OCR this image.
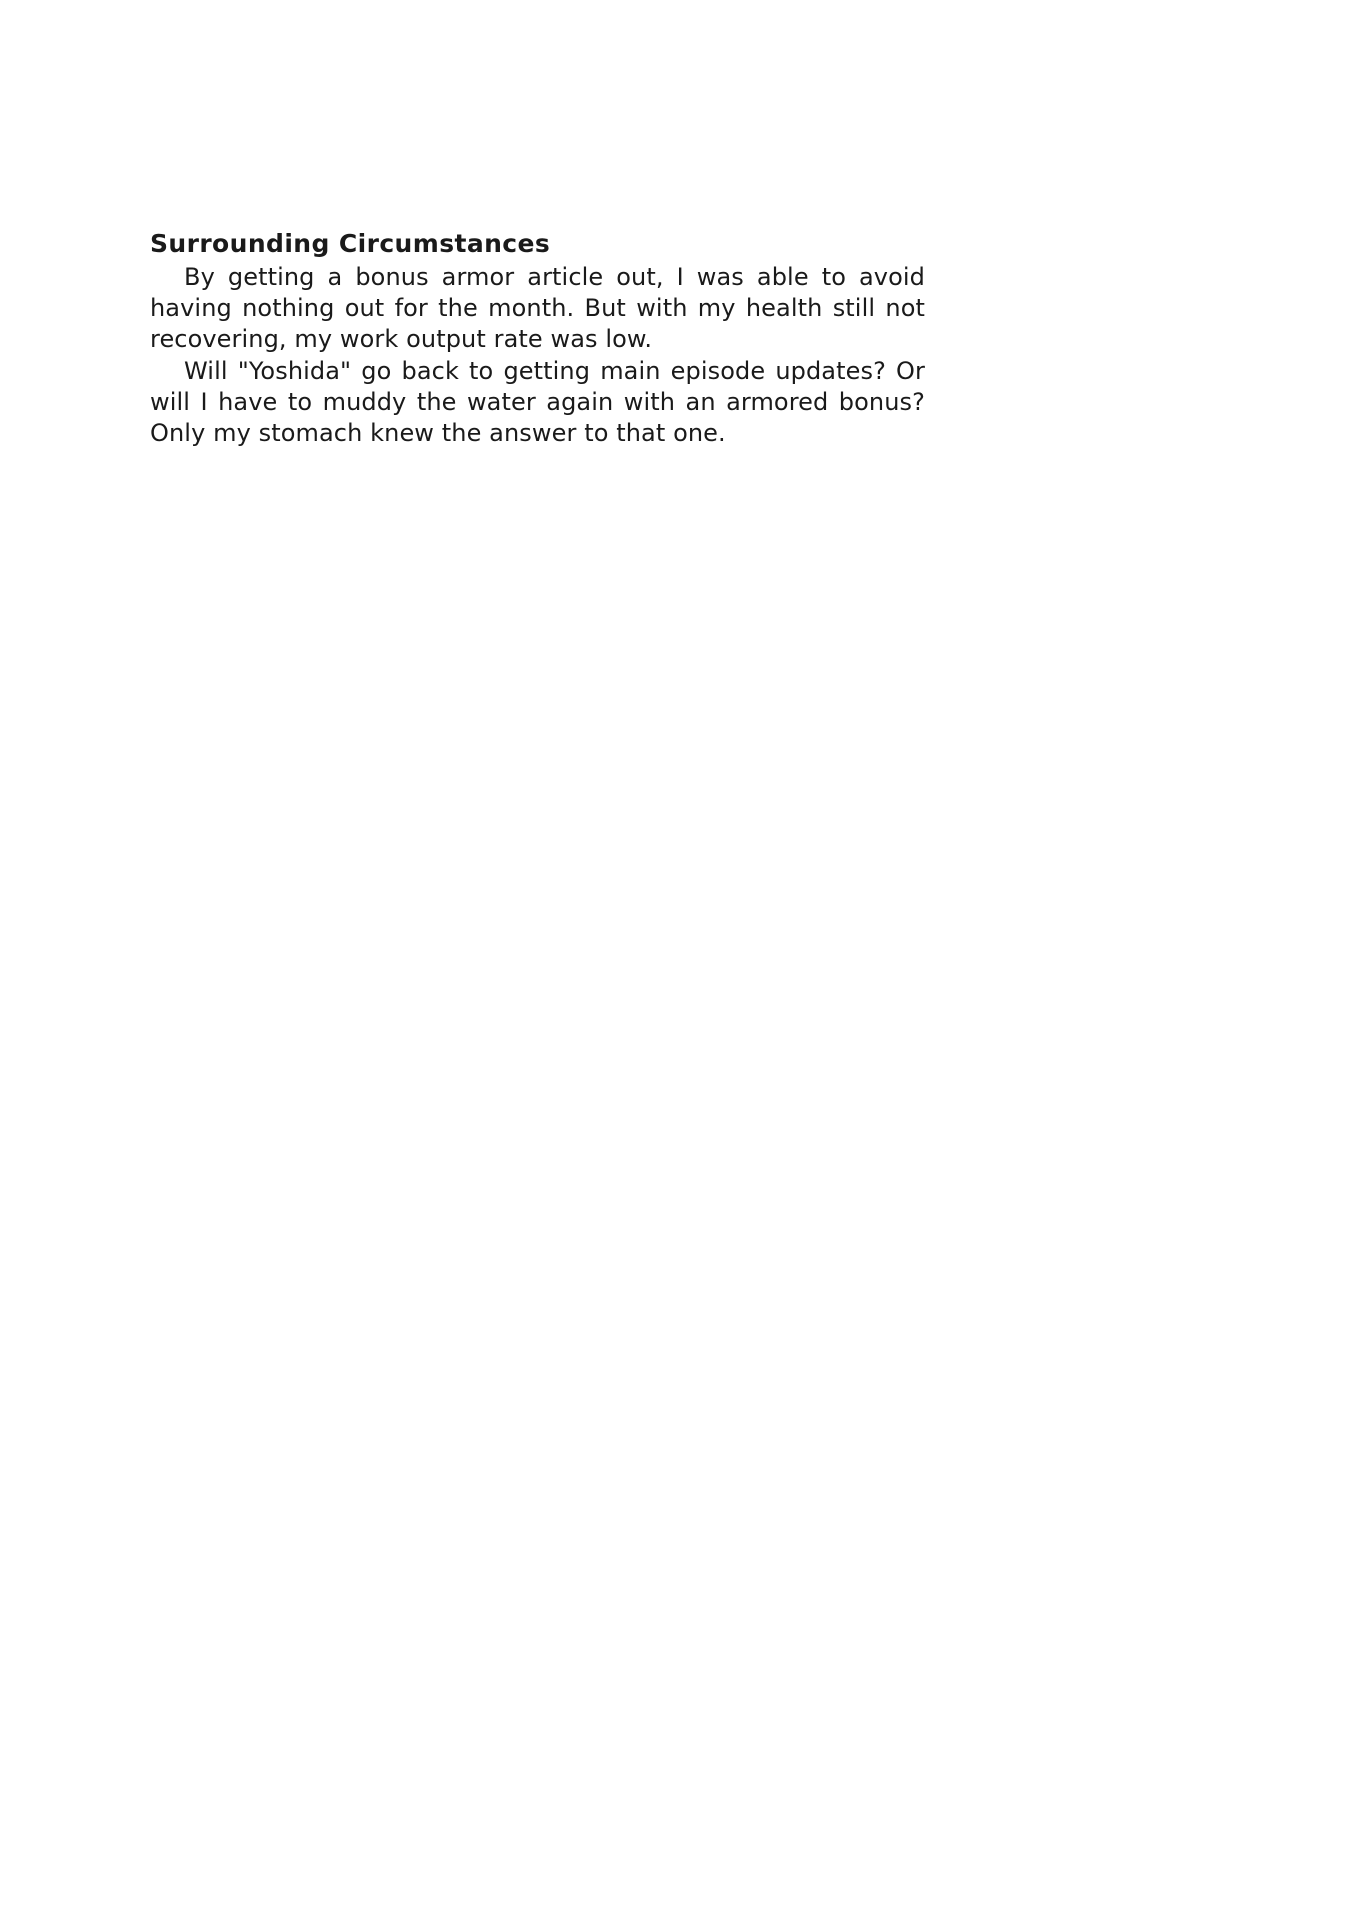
Surrounding Circumstances

By getting a bonus armor article out, I was able to avoid having nothing out for the month. But with my health still not recovering, my work output rate was low.

Will "Yoshida" go back to getting main episode updates? Or will I have to muddy the water again with an armored bonus? Only my stomach knew the answer to that one.
